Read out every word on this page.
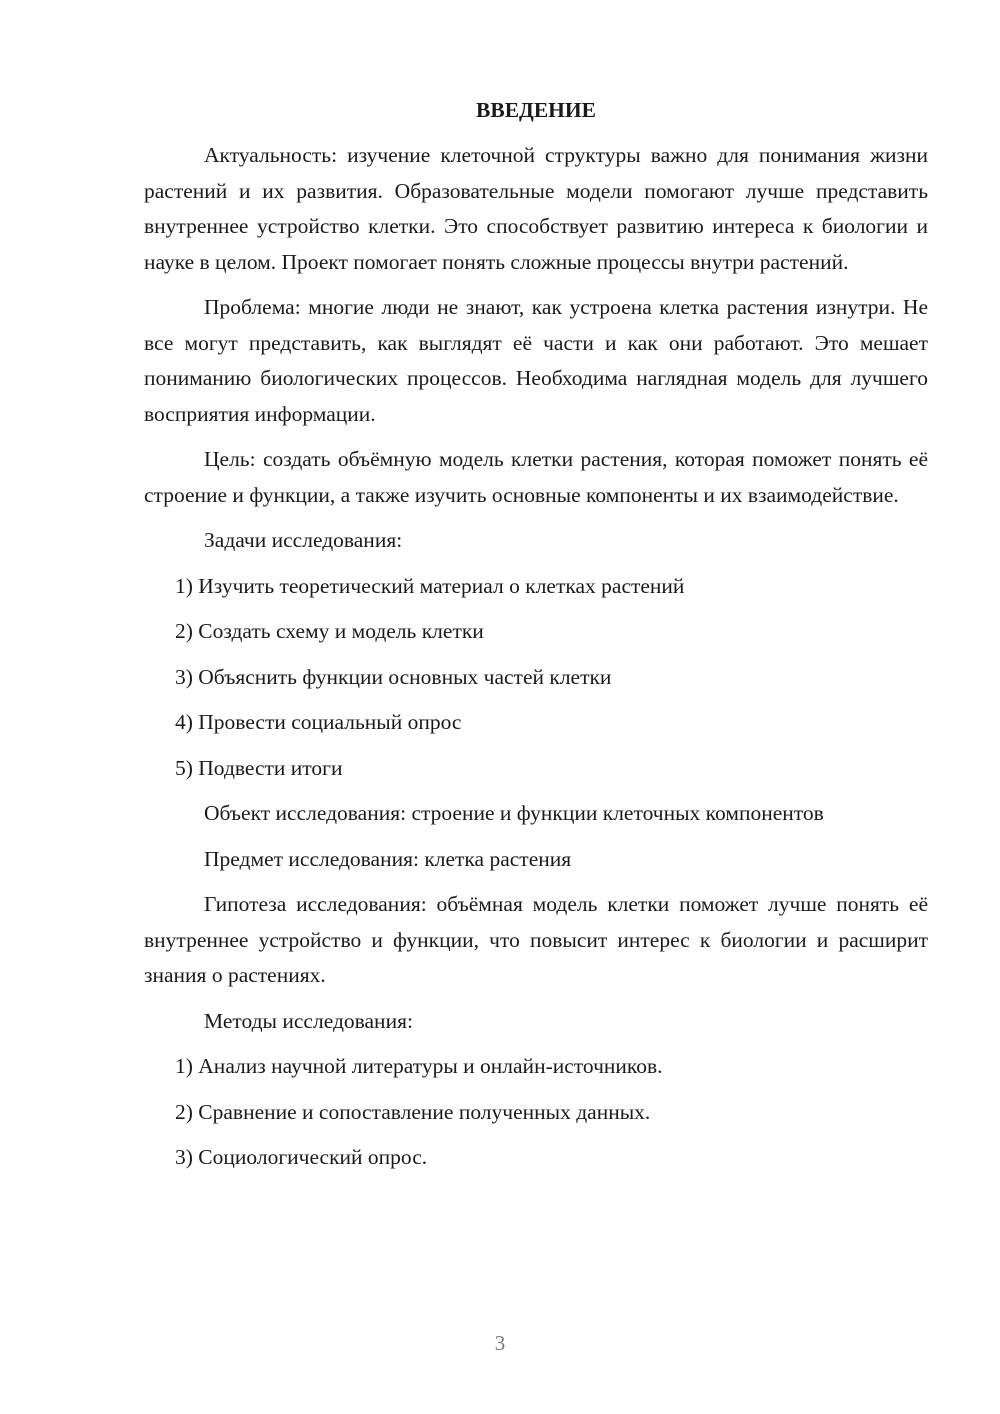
ВВЕДЕНИЕ

Актуальность: изучение клеточной структуры важно для понимания жизни растений и их развития. Образовательные модели помогают лучше представить внутреннее устройство клетки. Это способствует развитию интереса к биологии и науке в целом. Проект помогает понять сложные процессы внутри растений.

Проблема: многие люди не знают, как устроена клетка растения изнутри. Не все могут представить, как выглядят её части и как они работают. Это мешает пониманию биологических процессов. Необходима наглядная модель для лучшего восприятия информации.

Цель: создать объёмную модель клетки растения, которая поможет понять её строение и функции, а также изучить основные компоненты и их взаимодействие.

Задачи исследования:
1) Изучить теоретический материал о клетках растений
2) Создать схему и модель клетки
3) Объяснить функции основных частей клетки
4) Провести социальный опрос
5) Подвести итоги
Объект исследования: строение и функции клеточных компонентов
Предмет исследования: клетка растения

Гипотеза исследования: объёмная модель клетки поможет лучше понять её внутреннее устройство и функции, что повысит интерес к биологии и расширит знания о растениях.

Методы исследования:
1) Анализ научной литературы и онлайн-источников.
2) Сравнение и сопоставление полученных данных.
3) Социологический опрос.
3
